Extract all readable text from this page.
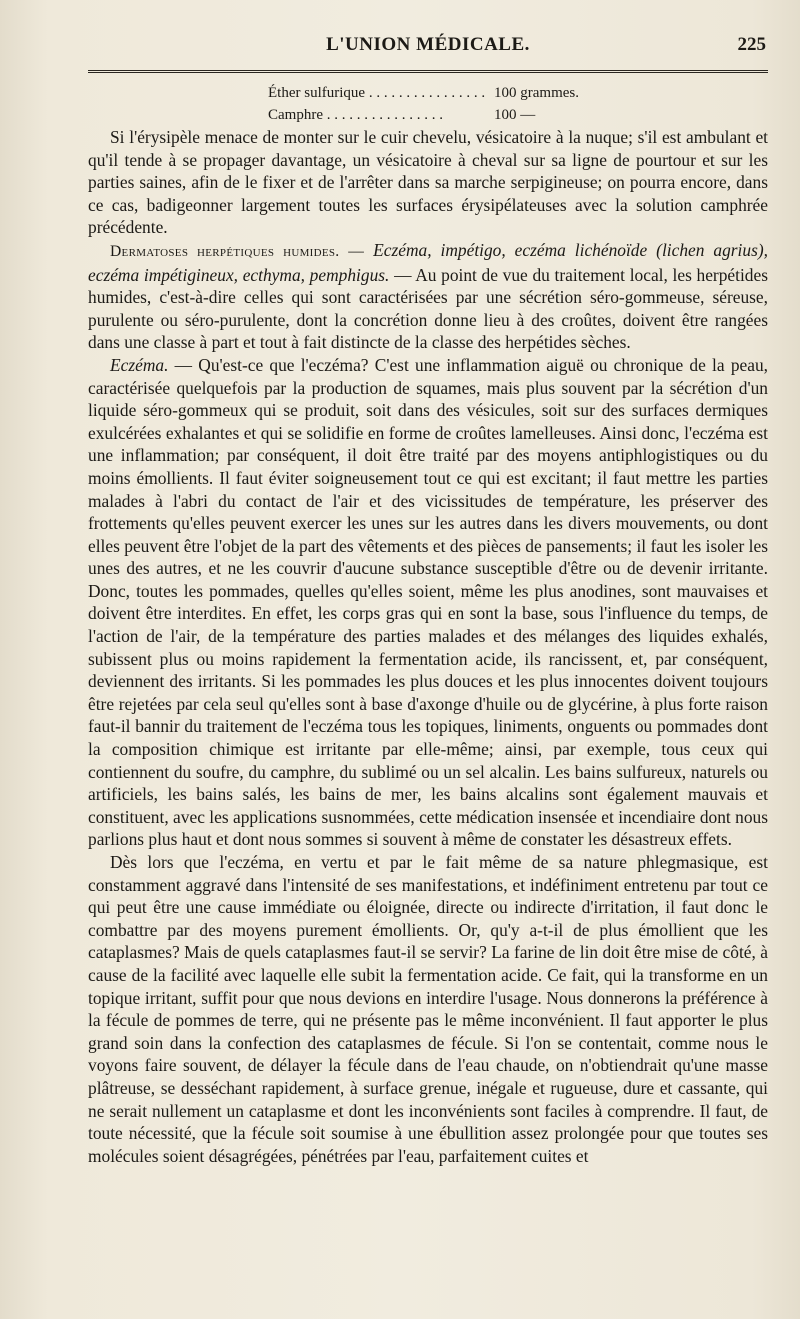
L'UNION MÉDICALE.	225
Éther sulfurique . . .	100 grammes.
Camphre . . .	100 —

Si l'érysipèle menace de monter sur le cuir chevelu, vésicatoire à la nuque; s'il est ambulant et qu'il tende à se propager davantage, un vésicatoire à cheval sur sa ligne de pourtour et sur les parties saines, afin de le fixer et de l'arrêter dans sa marche serpigineuse; on pourra encore, dans ce cas, badigeonner largement toutes les surfaces érysipélateuses avec la solution camphrée précédente.

Dermatoses herpétiques humides. — Eczéma, impétigo, eczéma lichénoïde (lichen agrius), eczéma impétigineux, ecthyma, pemphigus. — Au point de vue du traitement local, les herpétides humides, c'est-à-dire celles qui sont caractérisées par une sécrétion séro-gommeuse, séreuse, purulente ou séro-purulente, dont la concrétion donne lieu à des croûtes, doivent être rangées dans une classe à part et tout à fait distincte de la classe des herpétides sèches.

Eczéma. — Qu'est-ce que l'eczéma? C'est une inflammation aiguë ou chronique de la peau, caractérisée quelquefois par la production de squames, mais plus souvent par la sécrétion d'un liquide séro-gommeux qui se produit, soit dans des vésicules, soit sur des surfaces dermiques exulcérées exhalantes et qui se solidifie en forme de croûtes lamelleuses. Ainsi donc, l'eczéma est une inflammation; par conséquent, il doit être traité par des moyens antiphlogistiques ou du moins émollients. Il faut éviter soigneusement tout ce qui est excitant; il faut mettre les parties malades à l'abri du contact de l'air et des vicissitudes de température, les préserver des frottements qu'elles peuvent exercer les unes sur les autres dans les divers mouvements, ou dont elles peuvent être l'objet de la part des vêtements et des pièces de pansements; il faut les isoler les unes des autres, et ne les couvrir d'aucune substance susceptible d'être ou de devenir irritante. Donc, toutes les pommades, quelles qu'elles soient, même les plus anodines, sont mauvaises et doivent être interdites. En effet, les corps gras qui en sont la base, sous l'influence du temps, de l'action de l'air, de la température des parties malades et des mélanges des liquides exhalés, subissent plus ou moins rapidement la fermentation acide, ils rancissent, et, par conséquent, deviennent des irritants. Si les pommades les plus douces et les plus innocentes doivent toujours être rejetées par cela seul qu'elles sont à base d'axonge d'huile ou de glycérine, à plus forte raison faut-il bannir du traitement de l'eczéma tous les topiques, liniments, onguents ou pommades dont la composition chimique est irritante par elle-même; ainsi, par exemple, tous ceux qui contiennent du soufre, du camphre, du sublimé ou un sel alcalin. Les bains sulfureux, naturels ou artificiels, les bains salés, les bains de mer, les bains alcalins sont également mauvais et constituent, avec les applications susnommées, cette médication insensée et incendiaire dont nous parlions plus haut et dont nous sommes si souvent à même de constater les désastreux effets.

Dès lors que l'eczéma, en vertu et par le fait même de sa nature phlegmasique, est constamment aggravé dans l'intensité de ses manifestations, et indéfiniment entretenu par tout ce qui peut être une cause immédiate ou éloignée, directe ou indirecte d'irritation, il faut donc le combattre par des moyens purement émollients. Or, qu'y a-t-il de plus émollient que les cataplasmes? Mais de quels cataplasmes faut-il se servir? La farine de lin doit être mise de côté, à cause de la facilité avec laquelle elle subit la fermentation acide. Ce fait, qui la transforme en un topique irritant, suffit pour que nous devions en interdire l'usage. Nous donnerons la préférence à la fécule de pommes de terre, qui ne présente pas le même inconvénient. Il faut apporter le plus grand soin dans la confection des cataplasmes de fécule. Si l'on se contentait, comme nous le voyons faire souvent, de délayer la fécule dans de l'eau chaude, on n'obtiendrait qu'une masse plâtreuse, se desséchant rapidement, à surface grenue, inégale et rugueuse, dure et cassante, qui ne serait nullement un cataplasme et dont les inconvénients sont faciles à comprendre. Il faut, de toute nécessité, que la fécule soit soumise à une ébullition assez prolongée pour que toutes ses molécules soient désagrégées, pénétrées par l'eau, parfaitement cuites et
